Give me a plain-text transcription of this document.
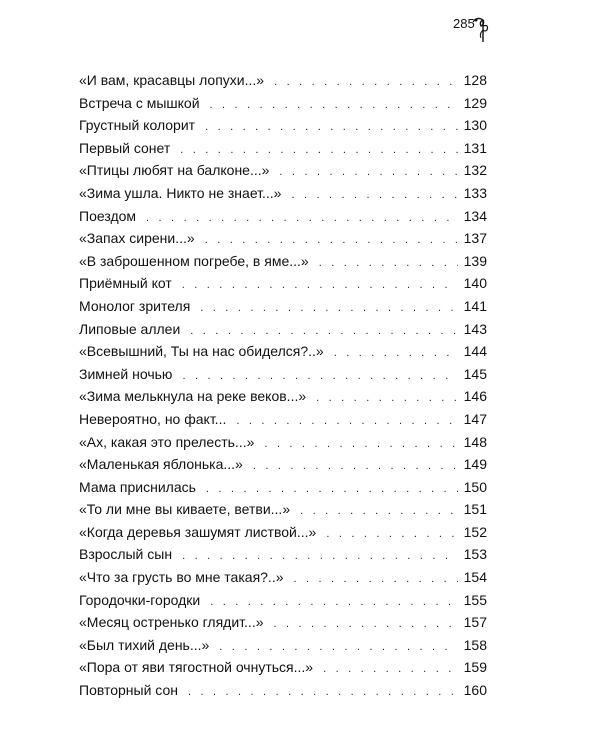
285
«И вам, красавцы лопухи...» . . .	128
Встреча с мышкой . . .	129
Грустный колорит . . .	130
Первый сонет . . .	131
«Птицы любят на балконе...» . . .	132
«Зима ушла. Никто не знает...» . . .	133
Поездом . . .	134
«Запах сирени...» . . .	137
«В заброшенном погребе, в яме...» . . .	139
Приёмный кот . . .	140
Монолог зрителя . . .	141
Липовые аллеи . . .	143
«Всевышний, Ты на нас обиделся?..» . . .	144
Зимней ночью . . .	145
«Зима мелькнула на реке веков...» . . .	146
Невероятно, но факт... . . .	147
«Ах, какая это прелесть...» . . .	148
«Маленькая яблонька...» . . .	149
Мама приснилась . . .	150
«То ли мне вы киваете, ветви...» . . .	151
«Когда деревья зашумят листвой...» . . .	152
Взрослый сын . . .	153
«Что за грусть во мне такая?..» . . .	154
Городочки-городки . . .	155
«Месяц остренько глядит...» . . .	157
«Был тихий день...» . . .	158
«Пора от яви тягостной очнуться...» . . .	159
Повторный сон . . .	160
